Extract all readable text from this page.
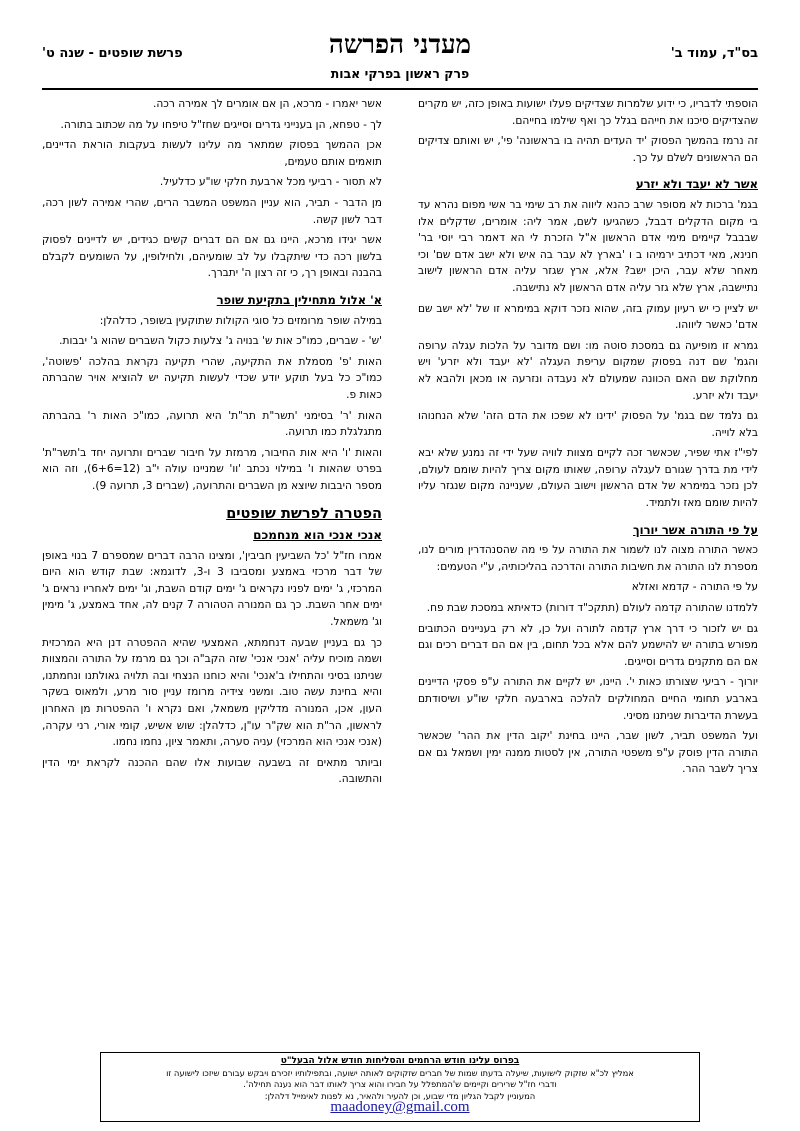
בס"ד, עמוד ב'
מעדני הפרשה
פרק ראשון בפרקי אבות
פרשת שופטים - שנה ט'

הוספתי לדבריו, כי ידוע שלמרות שצדיקים פעלו ישועות באופן כזה, יש מקרים שהצדיקים סיכנו את חייהם בגלל כך ואף שילמו בחייהם.

זה נרמז בהמשך הפסוק 'יד העדים תהיה בו בראשונה' פי', יש ואותם צדיקים הם הראשונים לשלם על כך.

אשר לא יעבד ולא יזרע

בגמ' ברכות לא מסופר שרב כהנא ליווה את רב שימי בר אשי מפום נהרא עד בי מקום הדקלים דבבל, כשהגיעו לשם, אמר ליה: אומרים, שדקלים אלו שבבבל קיימים מימי אדם הראשון א"ל הזכרת לי הא דאמר רבי יוסי בר' חנינא, מאי דכתיב ירמיהו ב ו 'בארץ לא עבר בה איש ולא ישב אדם שם' וכי מאחר שלא עבר, היכן ישב? אלא, ארץ שגזר עליה אדם הראשון לישוב נתיישבה, ארץ שלא גזר עליה אדם הראשון לא נתישבה.

יש לציין כי יש רעיון עמוק בזה, שהוא נזכר דוקא במימרא זו של 'לא ישב שם אדם' כאשר ליווהו.

גמרא זו מופיעה גם במסכת סוטה מו: ושם מדובר על הלכות עגלה ערופה והגמ' שם דנה בפסוק שמקום עריפת העגלה 'לא יעבד ולא יזרע' ויש מחלוקת שם האם הכוונה שמעולם לא נעבדה ונזרעה או מכאן ולהבא לא יעבד ולא יזרע.

גם נלמד שם בגמ' על הפסוק 'ידינו לא שפכו את הדם הזה' שלא הנחנוהו בלא לוייה.

לפי"ז אתי שפיר, שכאשר זכה לקיים מצוות לוויה שעל ידי זה נמנע שלא יבא לידי מת בדרך שגורם לעגלה ערופה, שאותו מקום צריך להיות שומם לעולם, לכן נזכר במימרא של אדם הראשון וישוב העולם, שעניינה מקום שנגזר עליו להיות שומם מאז ולתמיד.

על פי התורה אשר יורוך

כאשר התורה מצוה לנו לשמור את התורה על פי מה שהסנהדרין מורים לנו, מספרת לנו התורה את חשיבות התורה והדרכה בהליכותיה, ע"י הטעמים:

על פי התורה - קדמא ואזלא

ללמדנו שהתורה קדמה לעולם (תתקכ"ד דורות) כדאיתא במסכת שבת פח.

גם יש לזכור כי דרך ארץ קדמה לתורה ועל כן, לא רק בעניינים הכתובים מפורש בתורה יש להישמע להם אלא בכל תחום, בין אם הם דברים רכים וגם אם הם מתקנים גדרים וסייגים.

יורוך - רביעי שצורתו כאות י'. היינו, יש לקיים את התורה ע"פ פסקי הדיינים בארבע תחומי החיים המחולקים להלכה בארבעה חלקי שו"ע ושיסודתם בעשרת הדיברות שניתנו מסיני.

ועל המשפט תביר, לשון שבר, היינו בחינת 'יקוב הדין את ההר' שכאשר התורה הדין פוסק ע"פ משפטי התורה, אין לסטות ממנה ימין ושמאל גם אם צריך לשבר ההר.

אשר יאמרו - מרכא, הן אם אומרים לך אמירה רכה.

לך - טפחא, הן בענייני גדרים וסייגים שחז"ל טיפחו על מה שכתוב בתורה.

אכן ההמשך בפסוק שמתאר מה עלינו לעשות בעקבות הוראת הדיינים, תואמים אותם טעמים,

לא תסור - רביעי מכל ארבעת חלקי שו"ע כדלעיל.

מן הדבר - תביר, הוא עניין המשפט המשבר הרים, שהרי אמירה לשון רכה, דבר לשון קשה.

אשר יגידו מרכא, היינו גם אם הם דברים קשים כגידים, יש לדיינים לפסוק בלשון רכה כדי שיתקבלו על לב שומעיהם, ולחילופין, על השומעים לקבלם בהבנה ובאופן רך, כי זה רצון ה' יתברך.

א' אלול מתחילין בתקיעת שופר

במילה שופר מרומזים כל סוגי הקולות שתוקעין בשופר, כדלהלן:

'ש' - שברים, כמו"כ אות ש' בנויה ג' צלעות כקול השברים שהוא ג' יבבות.

האות 'פ' מסמלת את התקיעה, שהרי תקיעה נקראת בהלכה 'פשוטה', כמו"כ כל בעל תוקע יודע שכדי לעשות תקיעה יש להוציא אויר שהברתה כאות פ.

האות 'ר' בסימני 'תשר"ת תר"ת' היא תרועה, כמו"כ האות ר' בהברתה מתגלגלת כמו תרועה.

והאות 'ו' היא אות החיבור, מרמזת על חיבור שברים ותרועה יחד ב'תשר"ת' בפרט שהאות ו' במילוי נכתב 'וו' שמניינו עולה י"ב (12=6+6), וזה הוא מספר היבבות שיוצא מן השברים והתרועה, (שברים 3, תרועה 9).

הפטרה לפרשת שופטים
אנכי אנכי הוא מנחמכם

אמרו חז"ל 'כל השביעין חביבין', ומצינו הרבה דברים שמספרם 7 בנוי באופן של דבר מרכזי באמצע ומסביבו 3 ו-3, לדוגמא: שבת קודש הוא היום המרכזי, ג' ימים לפניו נקראים ג' ימים קודם השבת, וג' ימים לאחריו נראים ג' ימים אחר השבת. כך גם המנורה הטהורה 7 קנים לה, אחד באמצע, ג' מימין וג' משמאל.

כך גם בעניין שבעה דנחמתא, האמצעי שהיא ההפטרה דנן היא המרכזית ושמה מוכיח עליה 'אנכי אנכי' שזה הקב"ה וכך גם מרמז על התורה והמצוות שניתנו בסיני והתחילו ב'אנכי' והיא כוחנו הנצחי ובה תלויה גאולתנו ונחמתנו, והיא בחינת עשה טוב. ומשני צידיה מרומז עניין סור מרע, ולמאוס בשקר העון, אכן, המנורה מדליקין משמאל, ואם נקרא ו' ההפטרות מן האחרון לראשון, הר"ת הוא שק"ר עו"ן, כדלהלן: שוש אשיש, קומי אורי, רני עקרה, (אנכי אנכי הוא המרכזי) עניה סערה, ותאמר ציון, נחמו נחמו.

וביותר מתאים זה בשבעה שבועות אלו שהם ההכנה לקראת ימי הדין והתשובה.

בפרוס עלינו חודש הרחמים והסליחות חודש אלול הבעל"ט
אמליץ לכ"א שזקוק לישועות, שיעלה בדעתו שמות של חברים שזקוקים לאותה ישועה, ובתפילותיו יזכירם ויבקש עבורם שיזכו לישועה זו
ודברי חז"ל שרירים וקיימים ש'המתפלל על חבירו והוא צריך לאותו דבר הוא נענה תחילה'.
המעוניין לקבל הגליון מדי שבוע, וכן להעיר ולהאיר, נא לפנות לאימייל דלהלן:
maadoney@gmail.com
